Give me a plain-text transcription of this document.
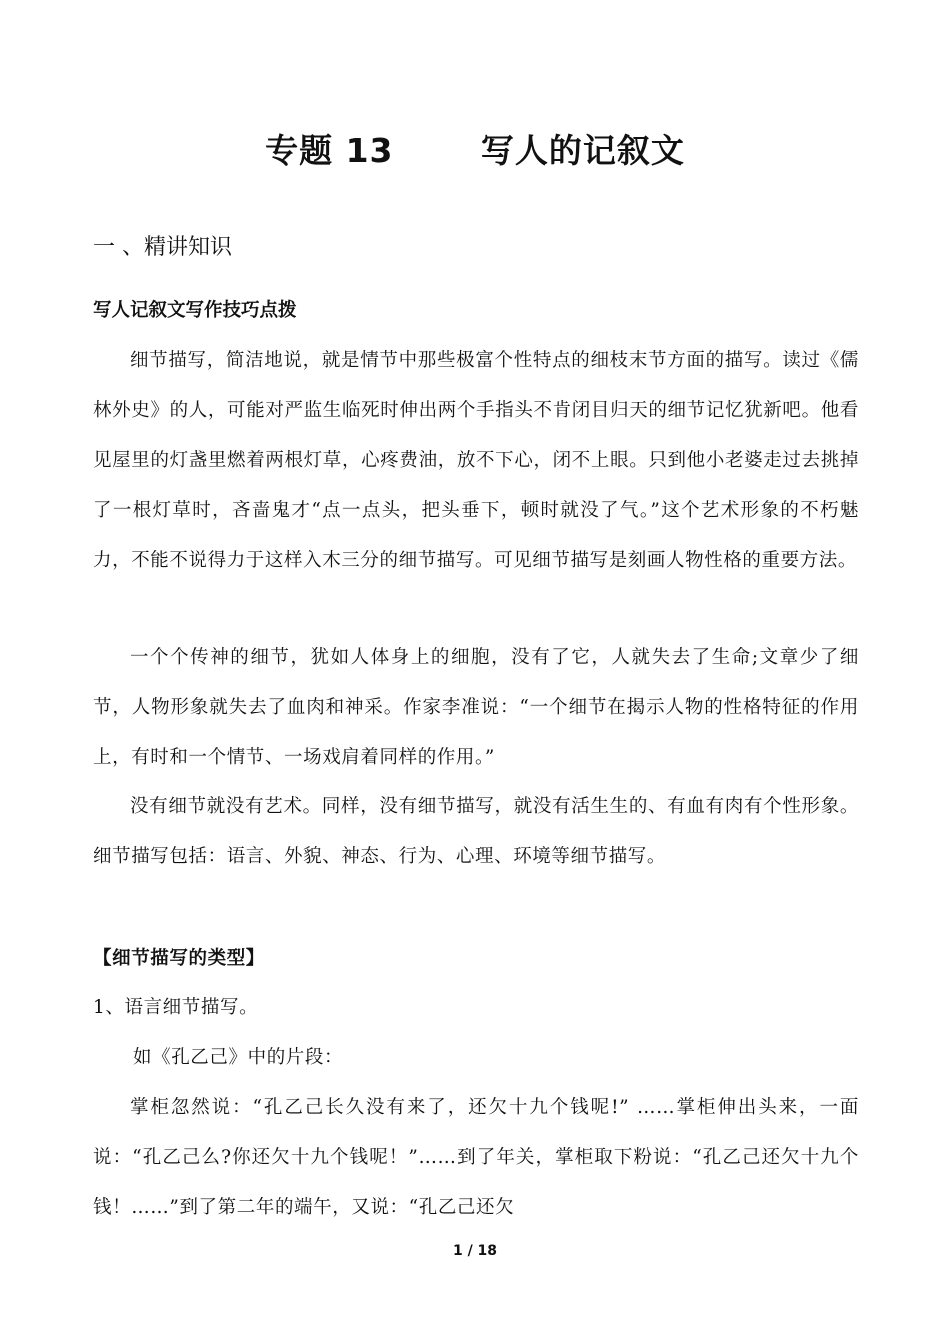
专题 13       写人的记叙文
一 、精讲知识
写人记叙文写作技巧点拨

细节描写，简洁地说，就是情节中那些极富个性特点的细枝末节方面的描写。读过《儒林外史》的人，可能对严监生临死时伸出两个手指头不肯闭目归天的细节记忆犹新吧。他看见屋里的灯盏里燃着两根灯草，心疼费油，放不下心，闭不上眼。只到他小老婆走过去挑掉了一根灯草时，吝啬鬼才“点一点头，把头垂下，顿时就没了气。”这个艺术形象的不朽魅力，不能不说得力于这样入木三分的细节描写。可见细节描写是刻画人物性格的重要方法。

一个个传神的细节，犹如人体身上的细胞，没有了它，人就失去了生命;文章少了细节，人物形象就失去了血肉和神采。作家李准说：“一个细节在揭示人物的性格特征的作用上，有时和一个情节、一场戏肩着同样的作用。”

没有细节就没有艺术。同样，没有细节描写，就没有活生生的、有血有肉有个性形象。 细节描写包括：语言、外貌、神态、行为、心理、环境等细节描写。

【细节描写的类型】
1、语言细节描写。
如《孔乙己》中的片段：

掌柜忽然说：“孔乙己长久没有来了，还欠十九个钱呢!” ……掌柜伸出头来，一面说：“孔乙己么?你还欠十九个钱呢！”……到了年关，掌柜取下粉说：“孔乙己还欠十九个钱！……”到了第二年的端午，又说：“孔乙己还欠

1 / 18
